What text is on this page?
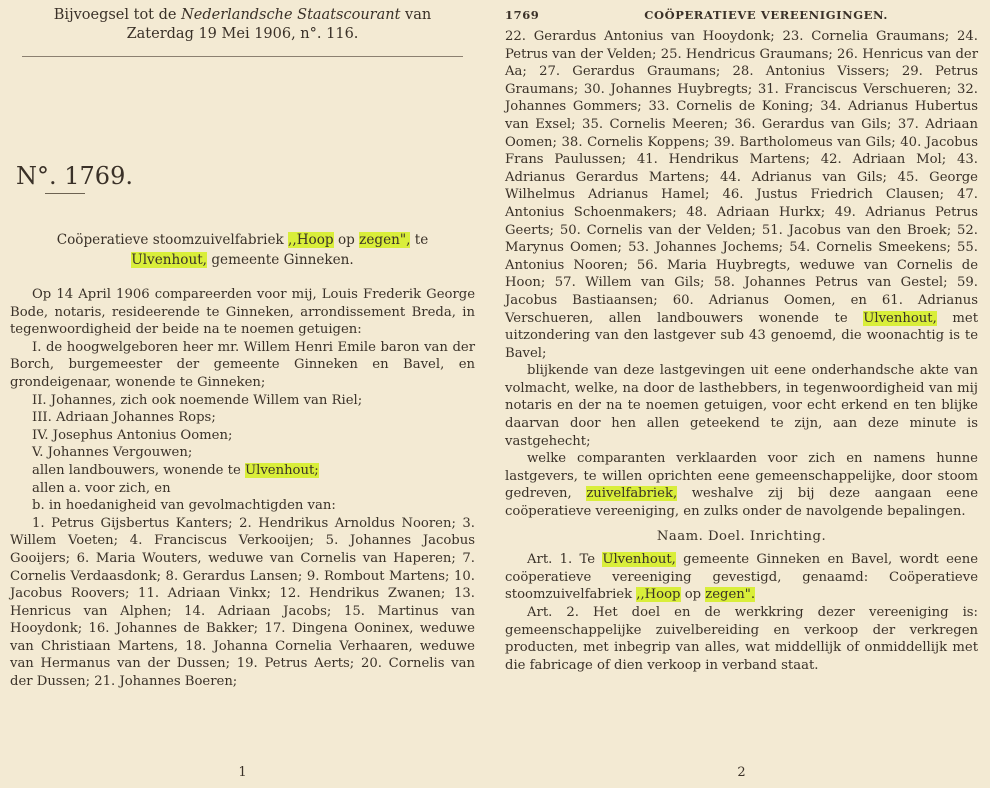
Bijvoegsel tot de Nederlandsche Staatscourant van
Zaterdag 19 Mei 1906, n°. 116.
N°. 1769.
Coöperatieve stoomzuivelfabriek ,,Hoop op zegen", te Ulvenhout, gemeente Ginneken.

Op 14 April 1906 compareerden voor mij, Louis Frederik George Bode, notaris, resideerende te Ginneken, arrondissement Breda, in tegenwoordigheid der beide na te noemen getuigen:

I. de hoogwelgeboren heer mr. Willem Henri Emile baron van der Borch, burgemeester der gemeente Ginneken en Bavel, en grondeigenaar, wonende te Ginneken;

II. Johannes, zich ook noemende Willem van Riel;

III. Adriaan Johannes Rops;

IV. Josephus Antonius Oomen;

V. Johannes Vergouwen;

allen landbouwers, wonende te Ulvenhout;

allen a. voor zich, en

b. in hoedanigheid van gevolmachtigden van:

1. Petrus Gijsbertus Kanters; 2. Hendrikus Arnoldus Nooren; 3. Willem Voeten; 4. Franciscus Verkooijen; 5. Johannes Jacobus Gooijers; 6. Maria Wouters, weduwe van Cornelis van Haperen; 7. Cornelis Verdaasdonk; 8. Gerardus Lansen; 9. Rombout Martens; 10. Jacobus Roovers; 11. Adriaan Vinkx; 12. Hendrikus Zwanen; 13. Henricus van Alphen; 14. Adriaan Jacobs; 15. Martinus van Hooydonk; 16. Johannes de Bakker; 17. Dingena Ooninex, weduwe van Christiaan Martens, 18. Johanna Cornelia Verhaaren, weduwe van Hermanus van der Dussen; 19. Petrus Aerts; 20. Cornelis van der Dussen; 21. Johannes Boeren;

1
1769	COÖPERATIEVE VEREENIGINGEN.

22. Gerardus Antonius van Hooydonk; 23. Cornelia Graumans; 24. Petrus van der Velden; 25. Hendricus Graumans; 26. Henricus van der Aa; 27. Gerardus Graumans; 28. Antonius Vissers; 29. Petrus Graumans; 30. Johannes Huybregts; 31. Franciscus Verschueren; 32. Johannes Gommers; 33. Cornelis de Koning; 34. Adrianus Hubertus van Exsel; 35. Cornelis Meeren; 36. Gerardus van Gils; 37. Adriaan Oomen; 38. Cornelis Koppens; 39. Bartholomeus van Gils; 40. Jacobus Frans Paulussen; 41. Hendrikus Martens; 42. Adriaan Mol; 43. Adrianus Gerardus Martens; 44. Adrianus van Gils; 45. George Wilhelmus Adrianus Hamel; 46. Justus Friedrich Clausen; 47. Antonius Schoenmakers; 48. Adriaan Hurkx; 49. Adrianus Petrus Geerts; 50. Cornelis van der Velden; 51. Jacobus van den Broek; 52. Marynus Oomen; 53. Johannes Jochems; 54. Cornelis Smeekens; 55. Antonius Nooren; 56. Maria Huybregts, weduwe van Cornelis de Hoon; 57. Willem van Gils; 58. Johannes Petrus van Gestel; 59. Jacobus Bastiaansen; 60. Adrianus Oomen, en 61. Adrianus Verschueren, allen landbouwers wonende te Ulvenhout, met uitzondering van den lastgever sub 43 genoemd, die woonachtig is te Bavel;

blijkende van deze lastgevingen uit eene onderhandsche akte van volmacht, welke, na door de lasthebbers, in tegenwoordigheid van mij notaris en der na te noemen getuigen, voor echt erkend en ten blijke daarvan door hen allen geteekend te zijn, aan deze minute is vastgehecht;

welke comparanten verklaarden voor zich en namens hunne lastgevers, te willen oprichten eene gemeenschappelijke, door stoom gedreven, zuivelfabriek, weshalve zij bij deze aangaan eene coöperatieve vereeniging, en zulks onder de navolgende bepalingen.

Naam. Doel. Inrichting.

Art. 1. Te Ulvenhout, gemeente Ginneken en Bavel, wordt eene coöperatieve vereeniging gevestigd, genaamd: Coöperatieve stoomzuivelfabriek ,,Hoop op zegen".

Art. 2. Het doel en de werkkring dezer vereeniging is: gemeenschappelijke zuivelbereiding en verkoop der verkregen producten, met inbegrip van alles, wat middellijk of onmiddellijk met die fabricage of dien verkoop in verband staat.

2
